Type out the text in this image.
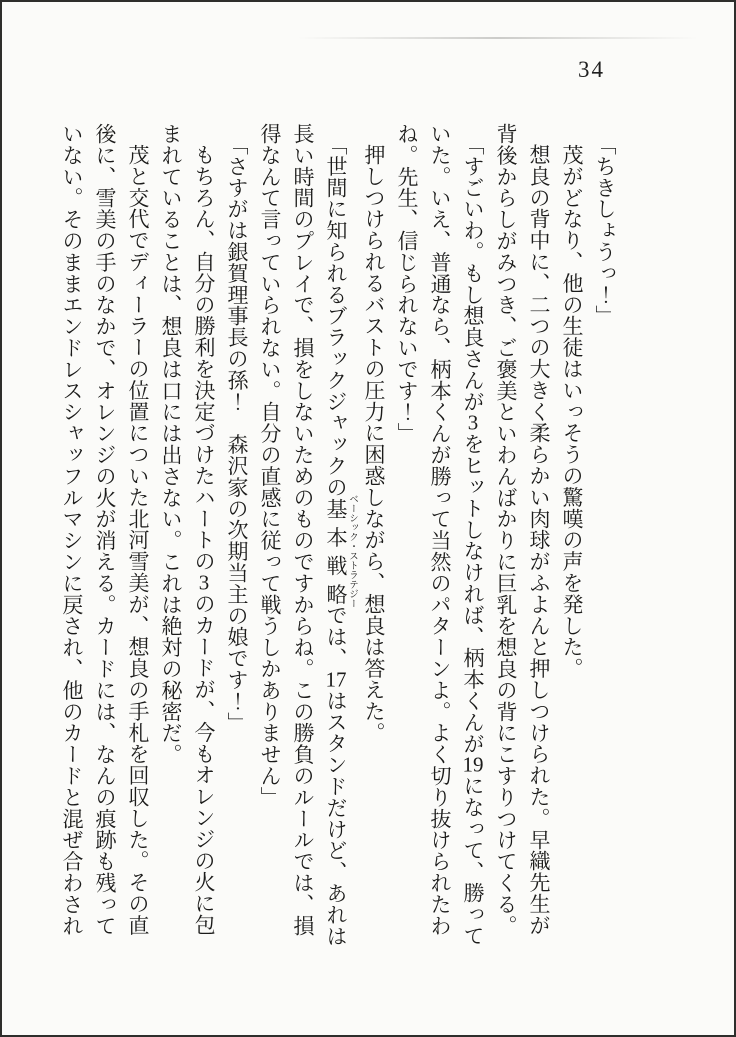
34
「ちきしょうっ！」
茂がどなり、他の生徒はいっそうの驚嘆の声を発した。
想良の背中に、二つの大きく柔らかい肉球がふよんと押しつけられた。早織先生が
背後からしがみつき、ご褒美といわんばかりに巨乳を想良の背にこすりつけてくる。
「すごいわ。もし想良さんが3をヒットしなければ、柄本くんが19になって、勝って
いた。いえ、普通なら、柄本くんが勝って当然のパターンよ。よく切り抜けられたわ
ね。先生、信じられないです！」
押しつけられるバストの圧力に困惑しながら、想良は答えた。
「世間に知られるブラックジャックの基本戦略 ベーシック・ストラテジーでは、17はスタンドだけど、あれは
長い時間のプレイで、損をしないためのものですからね。この勝負のルールでは、損
得なんて言っていられない。自分の直感に従って戦うしかありません」
「さすがは銀賀理事長の孫！　森沢家の次期当主の娘です！」
もちろん、自分の勝利を決定づけたハートの3のカードが、今もオレンジの火に包
まれていることは、想良は口には出さない。これは絶対の秘密だ。
茂と交代でディーラーの位置についた北河雪美が、想良の手札を回収した。その直
後に、雪美の手のなかで、オレンジの火が消える。カードには、なんの痕跡も残って
いない。そのままエンドレスシャッフルマシンに戻され、他のカードと混ぜ合わされ
